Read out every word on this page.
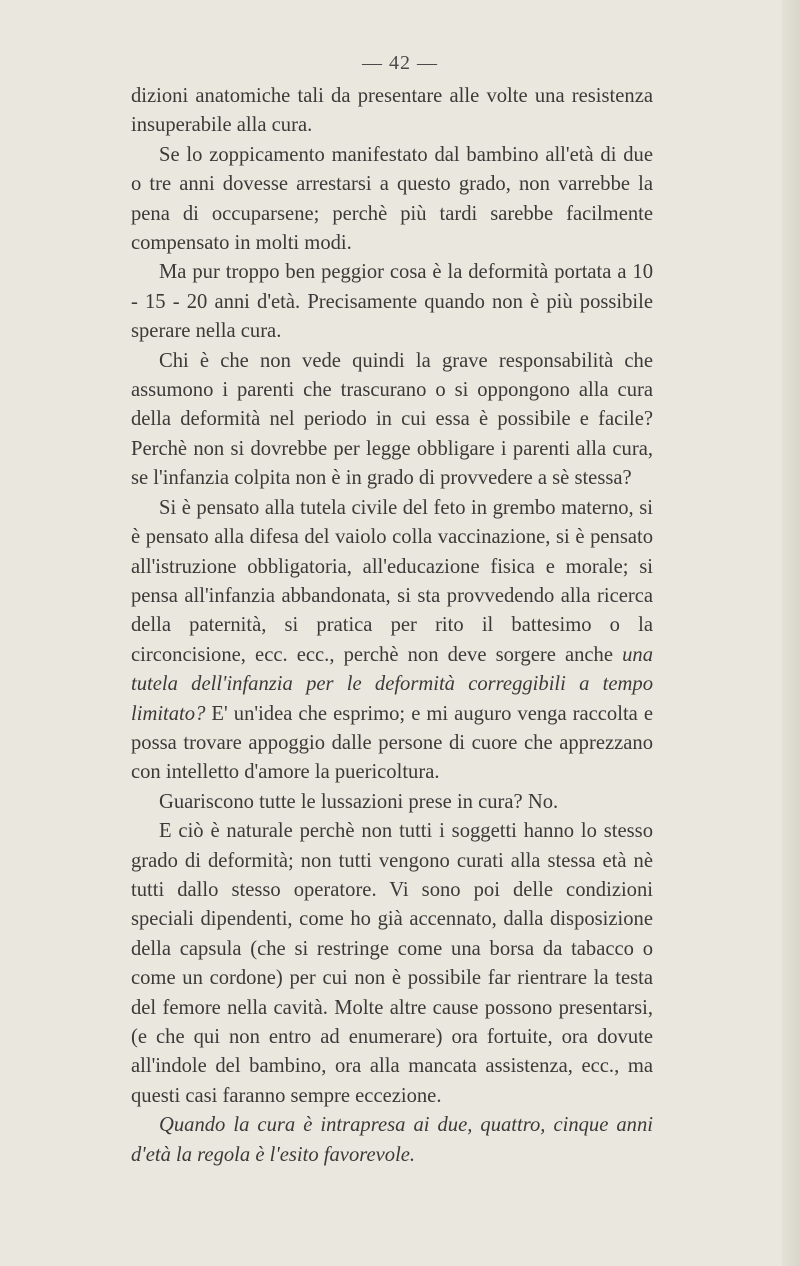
— 42 —

dizioni anatomiche tali da presentare alle volte una resistenza insuperabile alla cura.

Se lo zoppicamento manifestato dal bambino all'età di due o tre anni dovesse arrestarsi a questo grado, non varrebbe la pena di occuparsene; perchè più tardi sarebbe facilmente compensato in molti modi.

Ma pur troppo ben peggior cosa è la deformità portata a 10 - 15 - 20 anni d'età. Precisamente quando non è più possibile sperare nella cura.

Chi è che non vede quindi la grave responsabilità che assumono i parenti che trascurano o si oppongono alla cura della deformità nel periodo in cui essa è possibile e facile? Perchè non si dovrebbe per legge obbligare i parenti alla cura, se l'infanzia colpita non è in grado di provvedere a sè stessa?

Si è pensato alla tutela civile del feto in grembo materno, si è pensato alla difesa del vaiolo colla vaccinazione, si è pensato all'istruzione obbligatoria, all'educazione fisica e morale; si pensa all'infanzia abbandonata, si sta provvedendo alla ricerca della paternità, si pratica per rito il battesimo o la circoncisione, ecc. ecc., perchè non deve sorgere anche una tutela dell'infanzia per le deformità correggibili a tempo limitato? E' un'idea che esprimo; e mi auguro venga raccolta e possa trovare appoggio dalle persone di cuore che apprezzano con intelletto d'amore la puericoltura.

Guariscono tutte le lussazioni prese in cura? No.

E ciò è naturale perchè non tutti i soggetti hanno lo stesso grado di deformità; non tutti vengono curati alla stessa età nè tutti dallo stesso operatore. Vi sono poi delle condizioni speciali dipendenti, come ho già accennato, dalla disposizione della capsula (che si restringe come una borsa da tabacco o come un cordone) per cui non è possibile far rientrare la testa del femore nella cavità. Molte altre cause possono presentarsi, (e che qui non entro ad enumerare) ora fortuite, ora dovute all'indole del bambino, ora alla mancata assistenza, ecc., ma questi casi faranno sempre eccezione.

Quando la cura è intrapresa ai due, quattro, cinque anni d'età la regola è l'esito favorevole.
